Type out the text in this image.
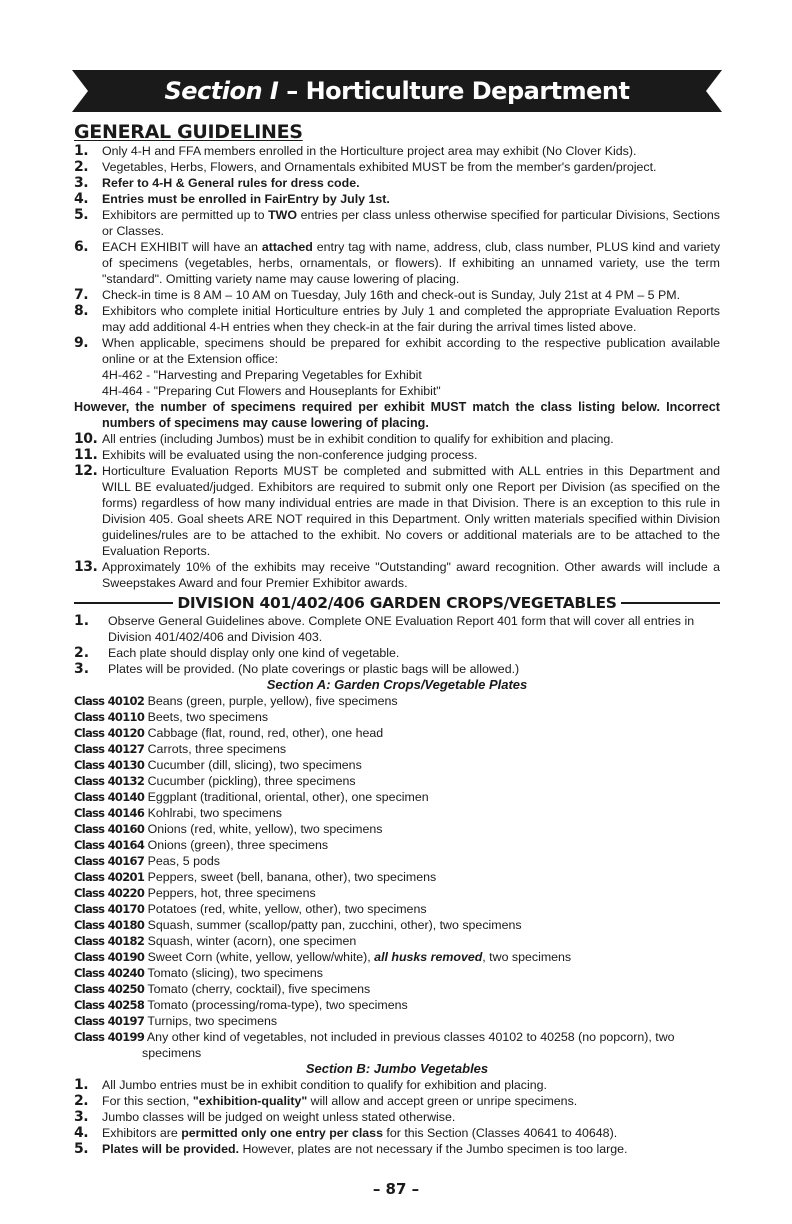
Section I – Horticulture Department
GENERAL GUIDELINES
1. Only 4-H and FFA members enrolled in the Horticulture project area may exhibit (No Clover Kids).
2. Vegetables, Herbs, Flowers, and Ornamentals exhibited MUST be from the member's garden/project.
3. Refer to 4-H & General rules for dress code.
4. Entries must be enrolled in FairEntry by July 1st.
5. Exhibitors are permitted up to TWO entries per class unless otherwise specified for particular Divisions, Sections or Classes.
6. EACH EXHIBIT will have an attached entry tag with name, address, club, class number, PLUS kind and variety of specimens (vegetables, herbs, ornamentals, or flowers). If exhibiting an unnamed variety, use the term "standard". Omitting variety name may cause lowering of placing.
7. Check-in time is 8 AM – 10 AM on Tuesday, July 16th and check-out is Sunday, July 21st at 4 PM – 5 PM.
8. Exhibitors who complete initial Horticulture entries by July 1 and completed the appropriate Evaluation Reports may add additional 4-H entries when they check-in at the fair during the arrival times listed above.
9. When applicable, specimens should be prepared for exhibit according to the respective publication available online or at the Extension office:
4H-462 - "Harvesting and Preparing Vegetables for Exhibit
4H-464 - "Preparing Cut Flowers and Houseplants for Exhibit"
However, the number of specimens required per exhibit MUST match the class listing below. Incorrect numbers of specimens may cause lowering of placing.
10. All entries (including Jumbos) must be in exhibit condition to qualify for exhibition and placing.
11. Exhibits will be evaluated using the non-conference judging process.
12. Horticulture Evaluation Reports MUST be completed and submitted with ALL entries in this Department and WILL BE evaluated/judged. Exhibitors are required to submit only one Report per Division (as specified on the forms) regardless of how many individual entries are made in that Division. There is an exception to this rule in Division 405. Goal sheets ARE NOT required in this Department. Only written materials specified within Division guidelines/rules are to be attached to the exhibit. No covers or additional materials are to be attached to the Evaluation Reports.
13. Approximately 10% of the exhibits may receive "Outstanding" award recognition. Other awards will include a Sweepstakes Award and four Premier Exhibitor awards.
DIVISION 401/402/406 GARDEN CROPS/VEGETABLES
1. Observe General Guidelines above. Complete ONE Evaluation Report 401 form that will cover all entries in Division 401/402/406 and Division 403.
2. Each plate should display only one kind of vegetable.
3. Plates will be provided. (No plate coverings or plastic bags will be allowed.)
Section A: Garden Crops/Vegetable Plates
Class 40102 Beans (green, purple, yellow), five specimens
Class 40110 Beets, two specimens
Class 40120 Cabbage (flat, round, red, other), one head
Class 40127 Carrots, three specimens
Class 40130 Cucumber (dill, slicing), two specimens
Class 40132 Cucumber (pickling), three specimens
Class 40140 Eggplant (traditional, oriental, other), one specimen
Class 40146 Kohlrabi, two specimens
Class 40160 Onions (red, white, yellow), two specimens
Class 40164 Onions (green), three specimens
Class 40167 Peas, 5 pods
Class 40201 Peppers, sweet (bell, banana, other), two specimens
Class 40220 Peppers, hot, three specimens
Class 40170 Potatoes (red, white, yellow, other), two specimens
Class 40180 Squash, summer (scallop/patty pan, zucchini, other), two specimens
Class 40182 Squash, winter (acorn), one specimen
Class 40190 Sweet Corn (white, yellow, yellow/white), all husks removed, two specimens
Class 40240 Tomato (slicing), two specimens
Class 40250 Tomato (cherry, cocktail), five specimens
Class 40258 Tomato (processing/roma-type), two specimens
Class 40197 Turnips, two specimens
Class 40199 Any other kind of vegetables, not included in previous classes 40102 to 40258 (no popcorn), two specimens
Section B: Jumbo Vegetables
1. All Jumbo entries must be in exhibit condition to qualify for exhibition and placing.
2. For this section, "exhibition-quality" will allow and accept green or unripe specimens.
3. Jumbo classes will be judged on weight unless stated otherwise.
4. Exhibitors are permitted only one entry per class for this Section (Classes 40641 to 40648).
5. Plates will be provided. However, plates are not necessary if the Jumbo specimen is too large.
– 87 –
